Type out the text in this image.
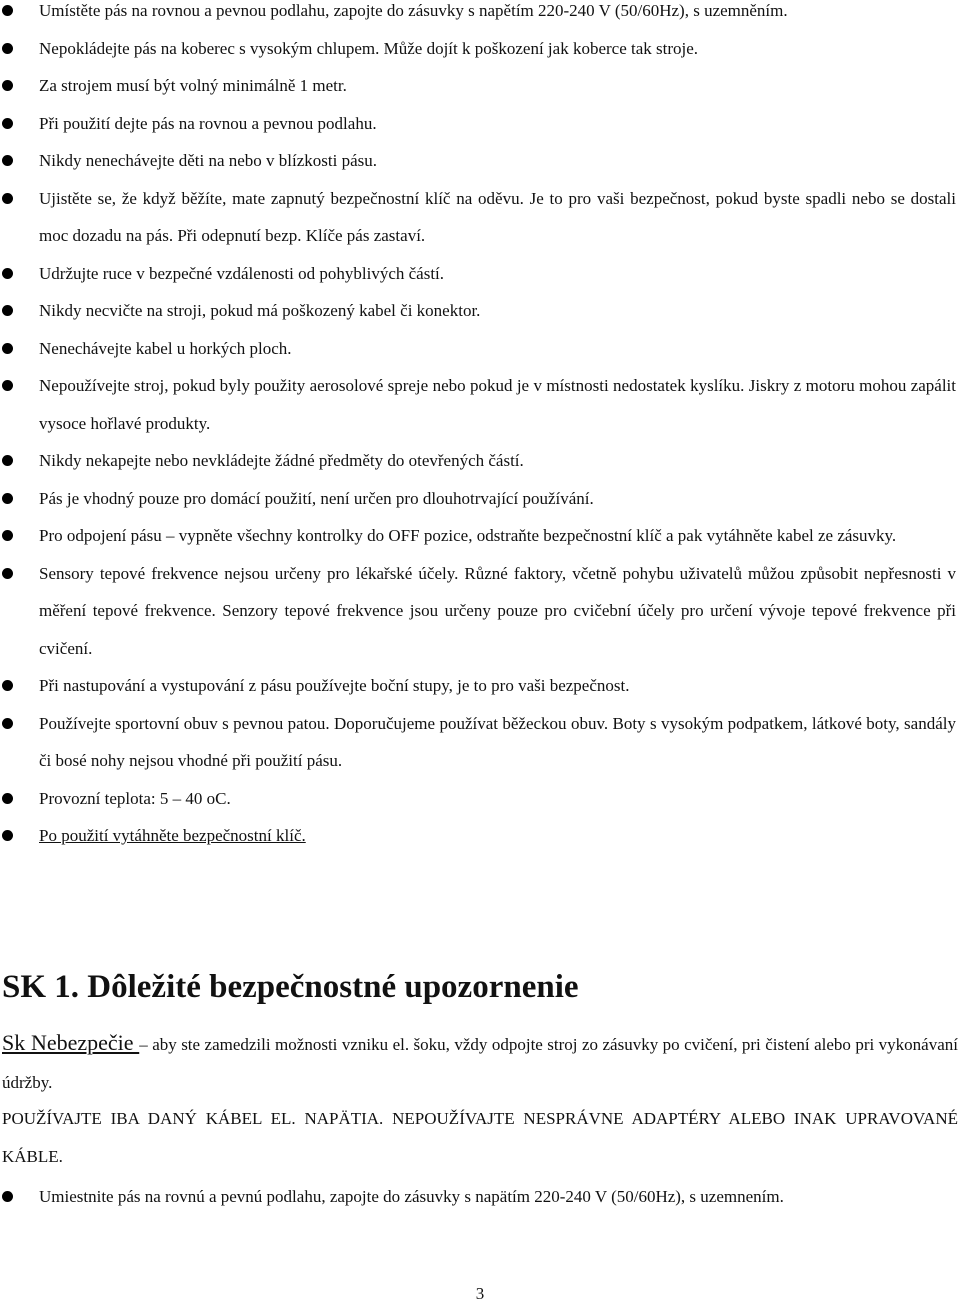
Umístěte pás na rovnou a pevnou podlahu, zapojte do zásuvky s napětím 220-240 V (50/60Hz), s uzemněním.
Nepokládejte pás na koberec s vysokým chlupem. Může dojít k poškození jak koberce tak stroje.
Za strojem musí být volný minimálně 1 metr.
Při použití dejte pás na rovnou a pevnou podlahu.
Nikdy nenechávejte děti na nebo v blízkosti pásu.
Ujistěte se, že když běžíte, mate zapnutý bezpečnostní klíč na oděvu. Je to pro vaši bezpečnost, pokud byste spadli nebo se dostali moc dozadu na pás. Při odepnutí bezp. Klíče pás zastaví.
Udržujte ruce v bezpečné vzdálenosti od pohyblivých částí.
Nikdy necvičte na stroji, pokud má poškozený kabel či konektor.
Nenechávejte kabel u horkých ploch.
Nepoužívejte stroj, pokud byly použity aerosolové spreje nebo pokud je v místnosti nedostatek kyslíku. Jiskry z motoru mohou zapálit vysoce hořlavé produkty.
Nikdy nekapejte nebo nevkládejte žádné předměty do otevřených částí.
Pás je vhodný pouze pro domácí použití, není určen pro dlouhotrvající používání.
Pro odpojení pásu – vypněte všechny kontrolky do OFF pozice, odstraňte bezpečnostní klíč a pak vytáhněte kabel ze zásuvky.
Sensory tepové frekvence nejsou určeny pro lékařské účely. Různé faktory, včetně pohybu uživatelů můžou způsobit nepřesnosti v měření tepové frekvence. Senzory tepové frekvence jsou určeny pouze pro cvičební účely pro určení vývoje tepové frekvence při cvičení.
Při nastupování a vystupování z pásu používejte boční stupy, je to pro vaši bezpečnost.
Používejte sportovní obuv s pevnou patou. Doporučujeme používat běžeckou obuv. Boty s vysokým podpatkem, látkové boty, sandály či bosé nohy nejsou vhodné při použití pásu.
Provozní teplota: 5 – 40 oC.
Po použití vytáhněte bezpečnostní klíč.
SK 1. Dôležité bezpečnostné upozornenie
Sk Nebezpečie – aby ste zamedzili možnosti vzniku el. šoku, vždy odpojte stroj zo zásuvky po cvičení, pri čistení alebo pri vykonávaní údržby.
POUŽÍVAJTE IBA DANÝ KÁBEL EL. NAPÄTIA. NEPOUŽÍVAJTE NESPRÁVNE ADAPTÉRY ALEBO INAK UPRAVOVANÉ KÁBLE.
Umiestnite pás na rovnú a pevnú podlahu, zapojte do zásuvky s napätím 220-240 V (50/60Hz), s uzemnením.
3
